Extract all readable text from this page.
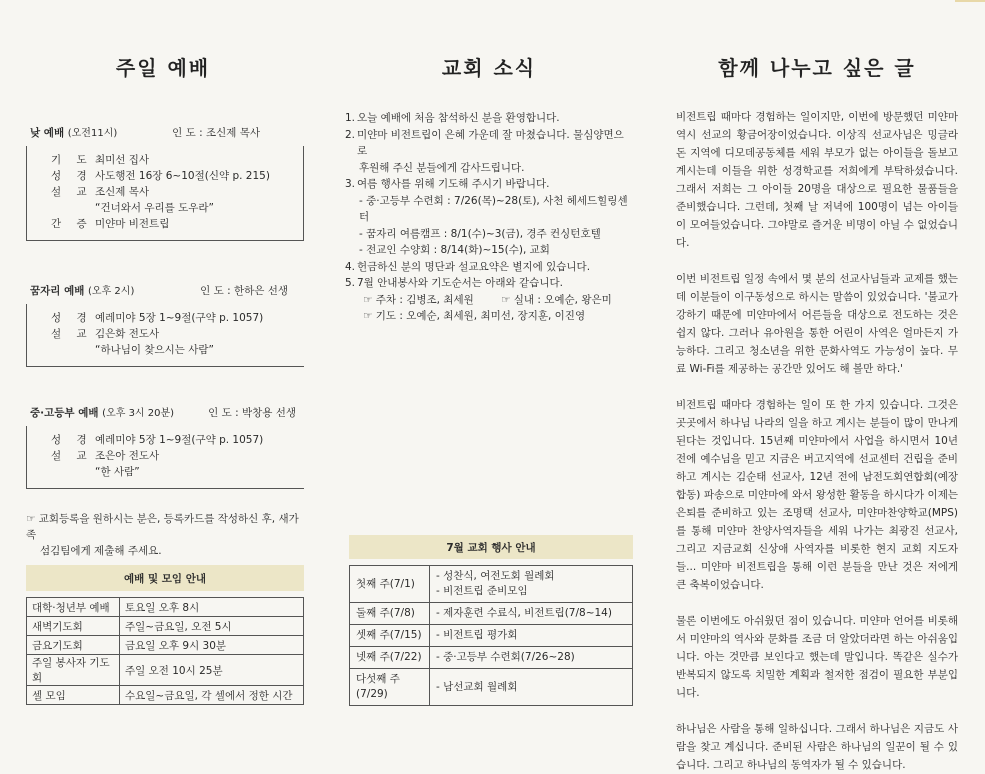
주일 예배
낮 예배 (오전11시)	인 도 : 조신제 목사
기 도 최미선 집사
성 경 사도행전 16장 6~10절(신약 p. 215)
설 교 조신제 목사
“건너와서 우리를 도우라”
간 증 미얀마 비전트립
꿈자리 예배 (오후 2시)	인 도 : 한하은 선생
성 경 예레미야 5장 1~9절(구약 p. 1057)
설 교 김은화 전도사
“하나님이 찾으시는 사람”
중·고등부 예배 (오후 3시 20분)	인 도 : 박창용 선생
성 경 예레미야 5장 1~9절(구약 p. 1057)
설 교 조은아 전도사
“한 사람”
☞ 교회등록을 원하시는 분은, 등록카드를 작성하신 후, 새가족
섬김팀에게 제출해 주세요.
예배 및 모임 안내
대학·청년부 예배	토요일 오후 8시
새벽기도회	주일~금요일, 오전 5시
금요기도회	금요일 오후 9시 30분
주일 봉사자 기도회	주일 오전 10시 25분
셀 모임	수요일~금요일, 각 셀에서 정한 시간
교회 소식
1. 오늘 예배에 처음 참석하신 분을 환영합니다.
2. 미얀마 비전트립이 은혜 가운데 잘 마쳤습니다. 물심양면으로
후원해 주신 분들에게 감사드립니다.
3. 여름 행사를 위해 기도해 주시기 바랍니다.
- 중·고등부 수련회 : 7/26(목)~28(토), 사천 헤세드힐링센터
- 꿈자리 여름캠프 : 8/1(수)~3(금), 경주 컨싱턴호텔
- 전교인 수양회 : 8/14(화)~15(수), 교회
4. 헌금하신 분의 명단과 설교요약은 별지에 있습니다.
5. 7월 안내봉사와 기도순서는 아래와 같습니다.
☞ 주차 : 김병조, 최세원	☞ 실내 : 오예순, 왕은미
☞ 기도 : 오예순, 최세원, 최미선, 장지훈, 이진영
7월 교회 행사 안내
첫째 주(7/1)	- 성찬식, 여전도회 월례회
- 비전트립 준비모임

둘째 주(7/8)	- 제자훈련 수료식, 비전트립(7/8~14)
셋째 주(7/15)	- 비전트립 평가회
넷째 주(7/22)	- 중·고등부 수련회(7/26~28)
다섯째 주(7/29)	- 남선교회 월례회
함께 나누고 싶은 글

비전트립 때마다 경험하는 일이지만, 이번에 방문했던 미얀마 역시 선교의 황금어장이었습니다. 이상직 선교사님은 밍글라돈 지역에 디모데공동체를 세워 부모가 없는 아이들을 돌보고 계시는데 이들을 위한 성경학교를 저희에게 부탁하셨습니다. 그래서 저희는 그 아이들 20명을 대상으로 필요한 물품들을 준비했습니다. 그런데, 첫째 날 저녁에 100명이 넘는 아이들이 모여들었습니다. 그야말로 즐거운 비명이 아닐 수 없었습니다.

이번 비전트립 일정 속에서 몇 분의 선교사님들과 교제를 했는데 이분들이 이구동성으로 하시는 말씀이 있었습니다. '불교가 강하기 때문에 미얀마에서 어른들을 대상으로 전도하는 것은 쉽지 않다. 그러나 유아원을 통한 어린이 사역은 얼마든지 가능하다. 그리고 청소년을 위한 문화사역도 가능성이 높다. 무료 Wi-Fi를 제공하는 공간만 있어도 해 볼만 하다.'

비전트립 때마다 경험하는 일이 또 한 가지 있습니다. 그것은 곳곳에서 하나님 나라의 일을 하고 계시는 분들이 많이 만나게 된다는 것입니다. 15년째 미얀마에서 사업을 하시면서 10년 전에 예수님을 믿고 지금은 버고지역에 선교센터 건립을 준비하고 계시는 김순태 선교사, 12년 전에 남전도회연합회(예장 합동) 파송으로 미얀마에 와서 왕성한 활동을 하시다가 이제는 은퇴를 준비하고 있는 조명택 선교사, 미얀마찬양학교(MPS)를 통해 미얀마 찬양사역자들을 세워 나가는 최광진 선교사, 그리고 지금교회 신상애 사역자를 비롯한 현지 교회 지도자들... 미얀마 비전트립을 통해 이런 분들을 만난 것은 저에게 큰 축복이었습니다.

물론 이번에도 아쉬웠던 점이 있습니다. 미얀마 언어를 비롯해서 미얀마의 역사와 문화를 조금 더 알았더라면 하는 아쉬움입니다. 아는 것만큼 보인다고 했는데 말입니다. 똑같은 실수가 반복되지 않도록 치밀한 계획과 철저한 점검이 필요한 부분입니다.

하나님은 사람을 통해 일하십니다. 그래서 하나님은 지금도 사람을 찾고 계십니다. 준비된 사람은 하나님의 일꾼이 될 수 있습니다. 그리고 하나님의 동역자가 될 수 있습니다.
